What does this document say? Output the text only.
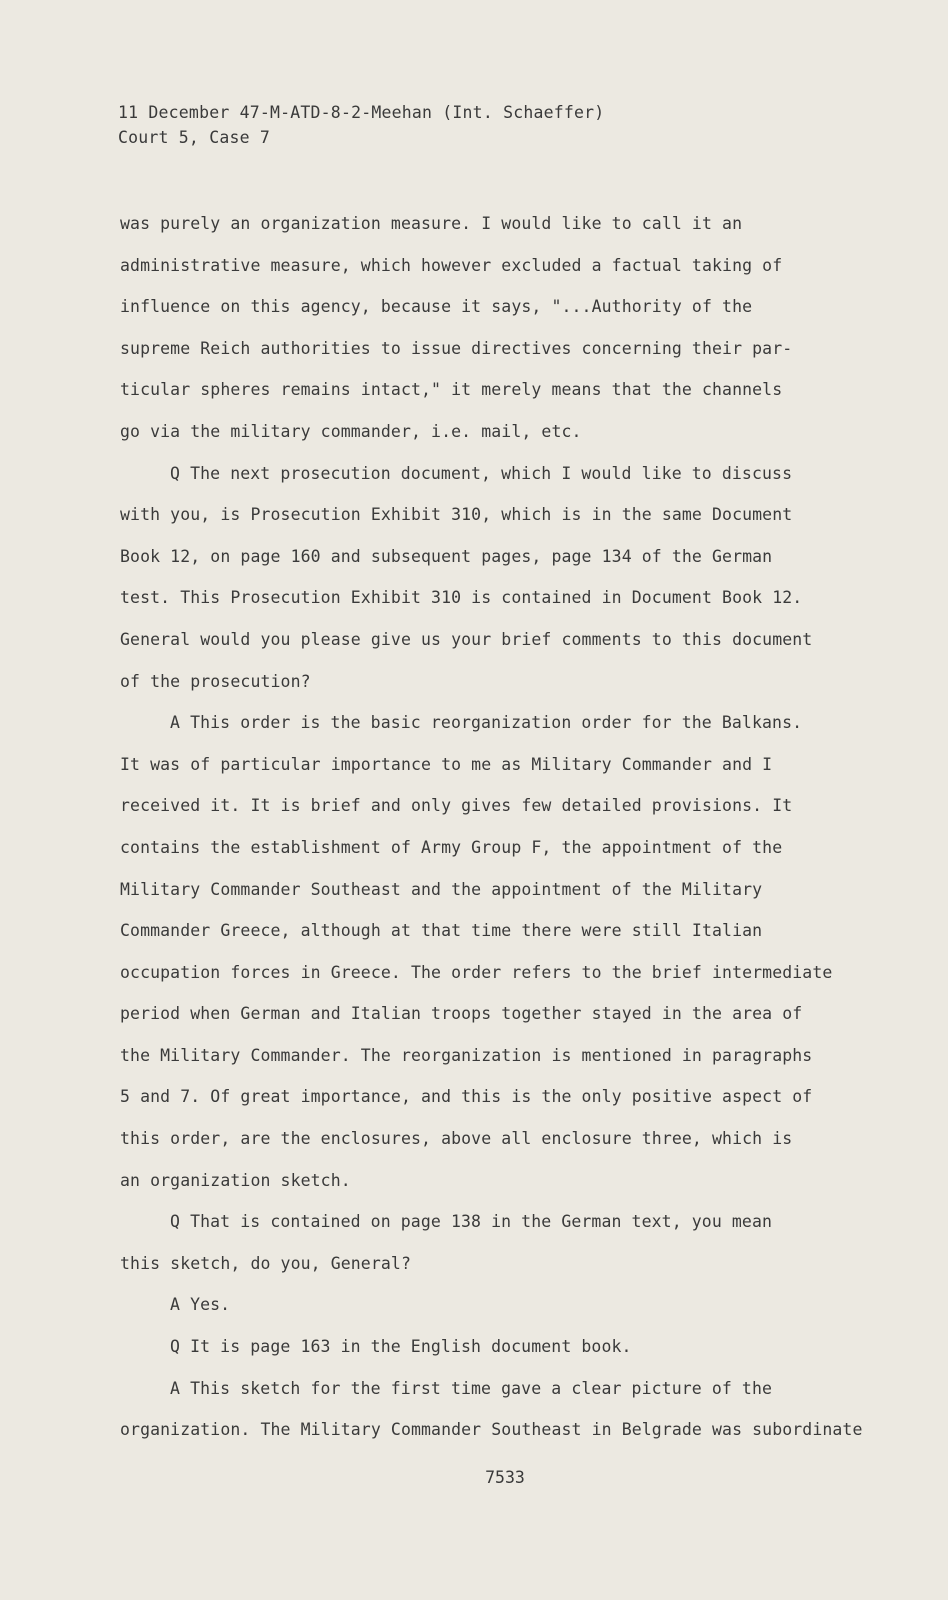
11 December 47-M-ATD-8-2-Meehan (Int. Schaeffer)
Court 5, Case 7
was purely an organization measure. I would like to call it an
administrative measure, which however excluded a factual taking of
influence on this agency, because it says, "...Authority of the
supreme Reich authorities to issue directives concerning their par-
ticular spheres remains intact," it merely means that the channels
go via the military commander, i.e. mail, etc.
Q The next prosecution document, which I would like to discuss
with you, is Prosecution Exhibit 310, which is in the same Document
Book 12, on page 160 and subsequent pages, page 134 of the German
test. This Prosecution Exhibit 310 is contained in Document Book 12.
General would you please give us your brief comments to this document
of the prosecution?
A This order is the basic reorganization order for the Balkans.
It was of particular importance to me as Military Commander and I
received it. It is brief and only gives few detailed provisions. It
contains the establishment of Army Group F, the appointment of the
Military Commander Southeast and the appointment of the Military
Commander Greece, although at that time there were still Italian
occupation forces in Greece. The order refers to the brief intermediate
period when German and Italian troops together stayed in the area of
the Military Commander. The reorganization is mentioned in paragraphs
5 and 7. Of great importance, and this is the only positive aspect of
this order, are the enclosures, above all enclosure three, which is
an organization sketch.
Q That is contained on page 138 in the German text, you mean
this sketch, do you, General?
A Yes.
Q It is page 163 in the English document book.
A This sketch for the first time gave a clear picture of the
organization. The Military Commander Southeast in Belgrade was subordinate
7533
